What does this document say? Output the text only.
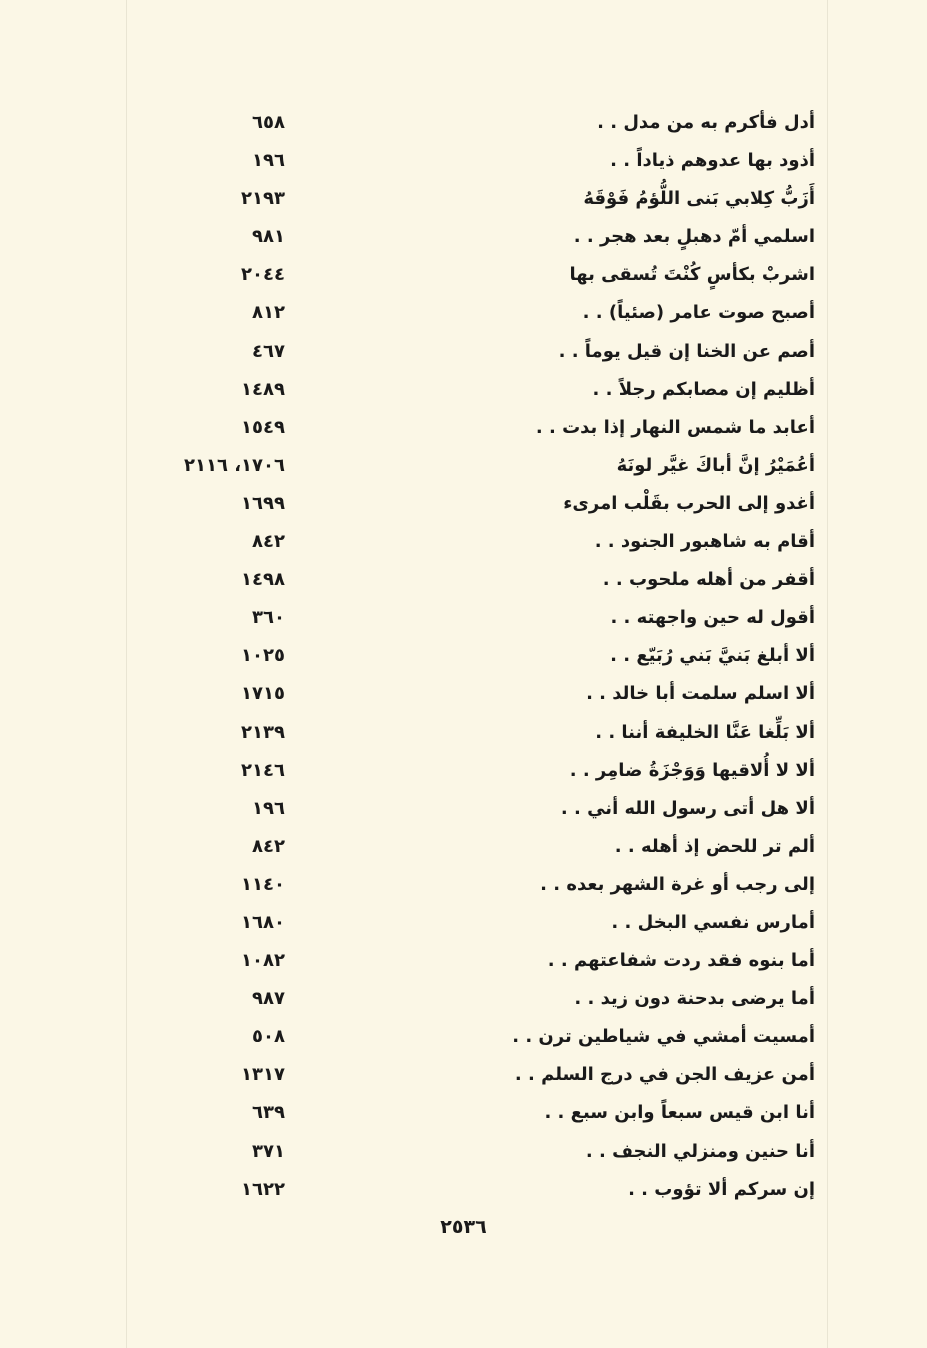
أدل فأكرم به من مدل . .
٦٥٨
أذود بها عدوهم ذياداً . .
١٩٦
أَزَبُّ كِلابي بَنى اللُّؤمُ فَوْقَهُ
٢١٩٣
اسلمي أمّ دهبلٍ بعد هجر . .
٩٨١
اشربْ بكأسٍ كُنْتَ تُسقى بها
٢٠٤٤
أصبح صوت عامر (صئياً) . .
٨١٢
أصم عن الخنا إن قيل يوماً . .
٤٦٧
أظليم إن مصابكم رجلاً . .
١٤٨٩
أعابد ما شمس النهار إذا بدت . .
١٥٤٩
أعُمَيْرُ إنَّ أباكَ غيَّر لونَهُ
١٧٠٦، ٢١١٦
أغدو إلى الحرب بقَلْب امرىء
١٦٩٩
أقام به شاهبور الجنود . .
٨٤٢
أقفر من أهله ملحوب . .
١٤٩٨
أقول له حين واجهته . .
٣٦٠
ألا أبلغ بَنيَّ بَني رُبَيّع . .
١٠٢٥
ألا اسلم سلمت أبا خالد . .
١٧١٥
ألا بَلِّغا عَنَّا الخليفة أننا . .
٢١٣٩
ألا لا أُلاقيها وَوَجْزَةُ ضامِر . .
٢١٤٦
ألا هل أتى رسول الله أني . .
١٩٦
ألم تر للحض إذ أهله . .
٨٤٢
إلى رجب أو غرة الشهر بعده . .
١١٤٠
أمارس نفسي البخل . .
١٦٨٠
أما بنوه فقد ردت شفاعتهم . .
١٠٨٢
أما يرضى بدحنة دون زيد . .
٩٨٧
أمسيت أمشي في شياطين ترن . .
٥٠٨
أمن عزيف الجن في درج السلم . .
١٣١٧
أنا ابن قيس سبعاً وابن سبع . .
٦٣٩
أنا حنين ومنزلي النجف . .
٣٧١
إن سركم ألا تؤوب . .
١٦٢٢
٢٥٣٦
